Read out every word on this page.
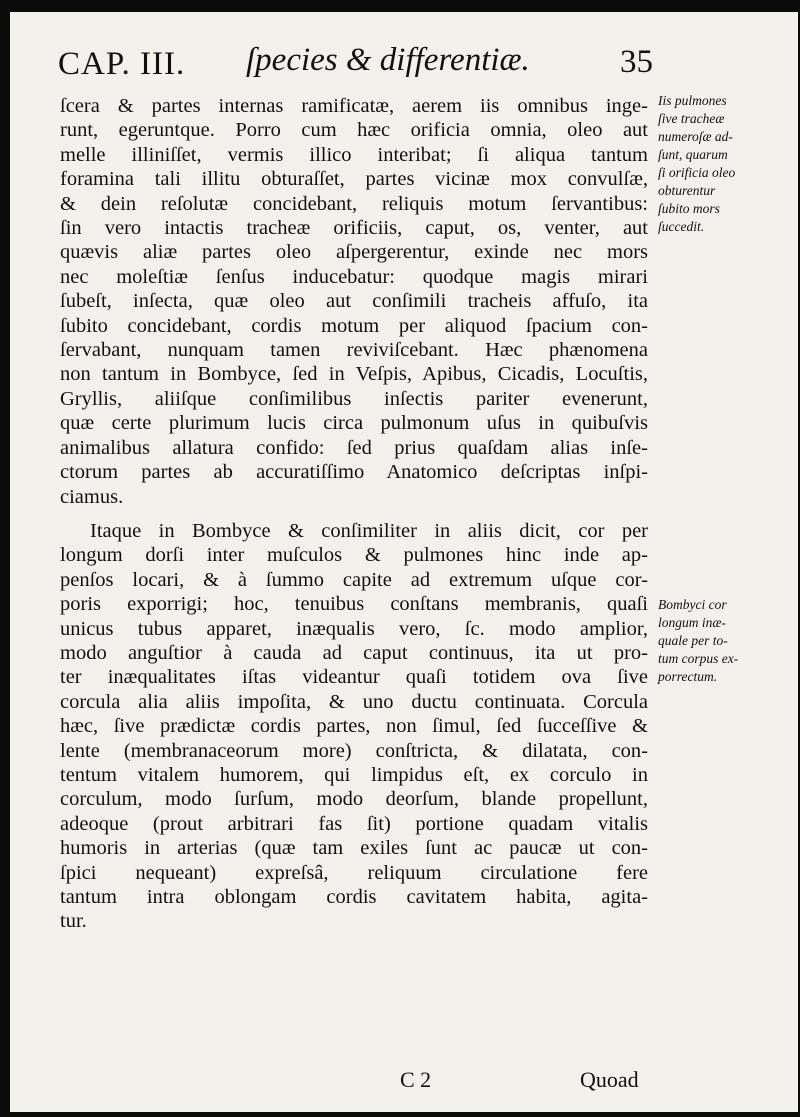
CAP. III. ſpecies & differentiæ.	35
ſcera & partes internas ramificatæ, aerem iis omnibus inge-
runt, egeruntque. Porro cum hæc orificia omnia, oleo aut
melle illiniſſet, vermis illico interibat; ſi aliqua tantum
foramina tali illitu obturaſſet, partes vicinæ mox convulſæ,
& dein reſolutæ concidebant, reliquis motum ſervantibus:
ſin vero intactis tracheæ orificiis, caput, os, venter, aut
quævis aliæ partes oleo aſpergerentur, exinde nec mors
nec moleſtiæ ſenſus inducebatur: quodque magis mirari
ſubeſt, inſecta, quæ oleo aut conſimili tracheis affuſo, ita
ſubito concidebant, cordis motum per aliquod ſpacium con-
ſervabant, nunquam tamen reviviſcebant. Hæc phænomena
non tantum in Bombyce, ſed in Veſpis, Apibus, Cicadis, Locuſtis,
Gryllis, aliiſque conſimilibus inſectis pariter evenerunt,
quæ certe plurimum lucis circa pulmonum uſus in quibuſvis
animalibus allatura confido: ſed prius quaſdam alias inſe-
ctorum partes ab accuratiſſimo Anatomico deſcriptas inſpi-
ciamus.
Itaque in Bombyce & conſimiliter in aliis dicit, cor per
longum dorſi inter muſculos & pulmones hinc inde ap-
penſos locari, & à ſummo capite ad extremum uſque cor-
poris exporrigi; hoc, tenuibus conſtans membranis, quaſi
unicus tubus apparet, inæqualis vero, ſc. modo amplior,
modo anguſtior à cauda ad caput continuus, ita ut pro-
ter inæqualitates iſtas videantur quaſi totidem ova ſive
corcula alia aliis impoſita, & uno ductu continuata. Corcula
hæc, ſive prædictæ cordis partes, non ſimul, ſed ſucceſſive &
lente (membranaceorum more) conſtricta, & dilatata, con-
tentum vitalem humorem, qui limpidus eſt, ex corculo in
corculum, modo ſurſum, modo deorſum, blande propellunt,
adeoque (prout arbitrari fas ſit) portione quadam vitalis
humoris in arterias (quæ tam exiles ſunt ac paucæ ut con-
ſpici nequeant) expreſsâ, reliquum circulatione fere
tantum intra oblongam cordis cavitatem habita, agita-
tur.
Iis pulmones
ſive tracheæ
numeroſæ ad-
ſunt, quarum
ſi orificia oleo
obturentur
ſubito mors
ſuccedit.
Bombyci cor
longum inæ-
quale per to-
tum corpus ex-
porrectum.
C 2	Quoad
